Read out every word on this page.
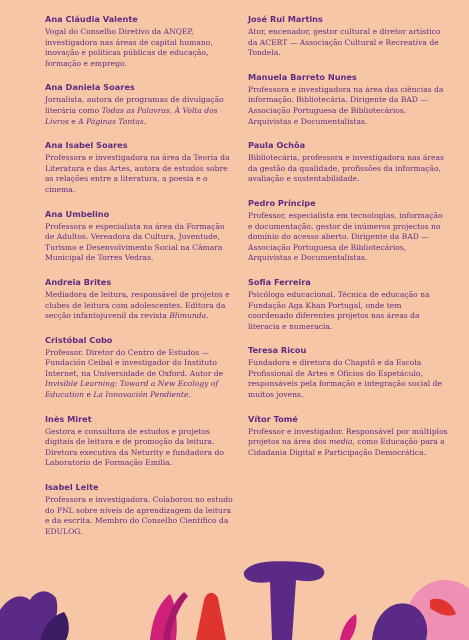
Ana Cláudia Valente

Vogal do Conselho Diretivo da ANQEP, investigadora nas áreas de capital humano, inovação e políticas públicas de educação, formação e emprego.

Ana Daniela Soares

Jornalista, autora de programas de divulgação literária como Todas as Palavras, À Volta dos Livros e A Páginas Tantas.

Ana Isabel Soares

Professora e investigadora na área da Teoria da Literatura e das Artes, autora de estudos sobre as relações entre a literatura, a poesia e o cinema.

Ana Umbelino

Professora e especialista na área da Formação de Adultos. Vereadora da Cultura, Juventude, Turismo e Desenvolvimento Social na Câmara Municipal de Torres Vedras.

Andreia Brites

Mediadora de leitura, responsável de projetos e clubes de leitura com adolescentes. Editora da secção infantojuvenil da revista Blimunda.

Cristóbal Cobo

Professor. Diretor do Centro de Estudos — Fundación Ceibal e investigador do Instituto Internet, na Universidade de Oxford. Autor de Invisible Learning: Toward a New Ecology of Education e La Innovación Pendiente.

Inès Miret

Gestora e consultora de estudos e projetos digitais de leitura e de promoção da leitura. Diretora executiva da Neturity e fundadora do Laboratorio de Formação Emilia.

Isabel Leite

Professora e investigadora. Colaborou no estudo do PNL sobre níveis de aprendizagem da leitura e da escrita. Membro do Conselho Científico da EDULOG.

José Rui Martins

Ator, encenador, gestor cultural e diretor artístico da ACERT — Associação Cultural e Recreativa de Tondela.

Manuela Barreto Nunes

Professora e investigadora na área das ciências da informação. Bibliotecária. Dirigente da BAD — Associação Portuguesa de Bibliotecários, Arquivistas e Documentalistas.

Paula Ochôa

Bibliotecária, professora e investigadora nas áreas da gestão da qualidade, profissões da informação, avaliação e sustentabilidade.

Pedro Príncipe

Professor, especialista em tecnologias, informação e documentação, gestor de inúmeros projectos no domínio do acesso aberto. Dirigente da BAD — Associação Portuguesa de Bibliotecários, Arquivistas e Documentalistas.

Sofia Ferreira

Psicóloga educacional. Técnica de educação na Fundação Aga Khan Portugal, onde tem coordenado diferentes projetos nas áreas da literacia e numeracia.

Teresa Ricou

Fundadora e diretora do Chapitô e da Escola Profissional de Artes e Ofícios do Espetáculo, responsáveis pela formação e integração social de muitos jovens.

Vítor Tomé

Professor e investigador. Responsável por múltiplos projetos na área dos media, como Educação para a Cidadania Digital e Participação Democrática.
